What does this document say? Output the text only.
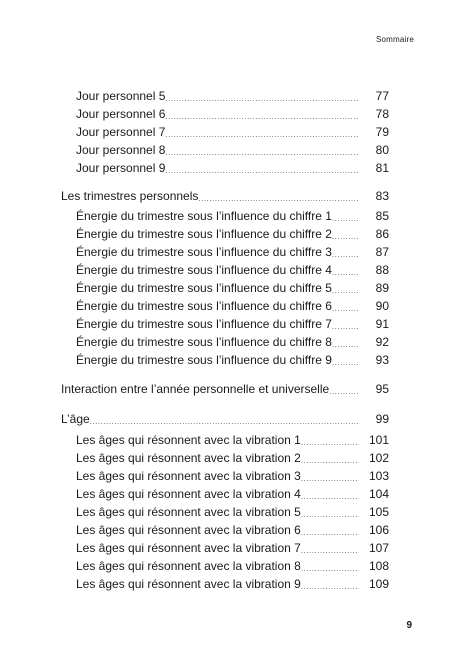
Sommaire
Jour personnel 5 .....	77
Jour personnel 6 .....	78
Jour personnel 7 .....	79
Jour personnel 8 .....	80
Jour personnel 9 .....	81
Les trimestres personnels .....	83
Énergie du trimestre sous l’influence du chiffre 1 .....	85
Énergie du trimestre sous l’influence du chiffre 2 .....	86
Énergie du trimestre sous l’influence du chiffre 3 .....	87
Énergie du trimestre sous l’influence du chiffre 4 .....	88
Énergie du trimestre sous l’influence du chiffre 5 .....	89
Énergie du trimestre sous l’influence du chiffre 6 .....	90
Énergie du trimestre sous l’influence du chiffre 7 .....	91
Énergie du trimestre sous l’influence du chiffre 8 .....	92
Énergie du trimestre sous l’influence du chiffre 9 .....	93
Interaction entre l’année personnelle et universelle .....	95
L’âge .....	99
Les âges qui résonnent avec la vibration 1 .....	101
Les âges qui résonnent avec la vibration 2 .....	102
Les âges qui résonnent avec la vibration 3 .....	103
Les âges qui résonnent avec la vibration 4 .....	104
Les âges qui résonnent avec la vibration 5 .....	105
Les âges qui résonnent avec la vibration 6 .....	106
Les âges qui résonnent avec la vibration 7 .....	107
Les âges qui résonnent avec la vibration 8 .....	108
Les âges qui résonnent avec la vibration 9 .....	109
9
